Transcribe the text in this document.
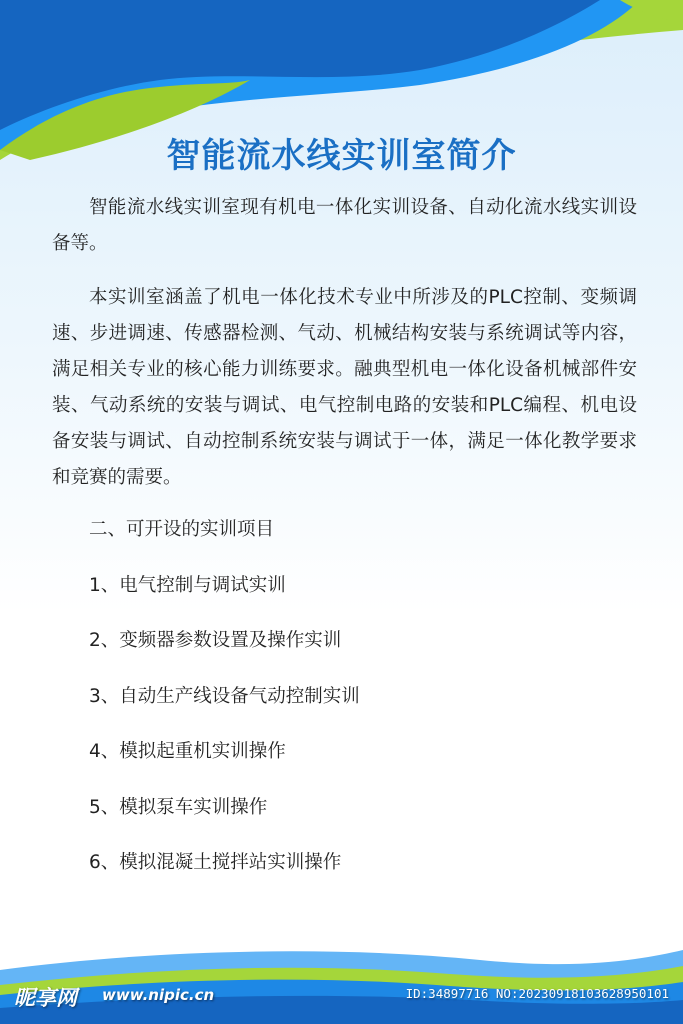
智能流水线实训室简介

智能流水线实训室现有机电一体化实训设备、自动化流水线实训设备等。

本实训室涵盖了机电一体化技术专业中所涉及的PLC控制、变频调速、步进调速、传感器检测、气动、机械结构安装与系统调试等内容，满足相关专业的核心能力训练要求。融典型机电一体化设备机械部件安装、气动系统的安装与调试、电气控制电路的安装和PLC编程、机电设备安装与调试、自动控制系统安装与调试于一体，满足一体化教学要求和竞赛的需要。

二、可开设的实训项目

1、电气控制与调试实训

2、变频器参数设置及操作实训

3、自动生产线设备气动控制实训

4、模拟起重机实训操作

5、模拟泵车实训操作

6、模拟混凝土搅拌站实训操作

昵享网 www.nipic.cn	ID:34897716 NO:20230918103628950101
